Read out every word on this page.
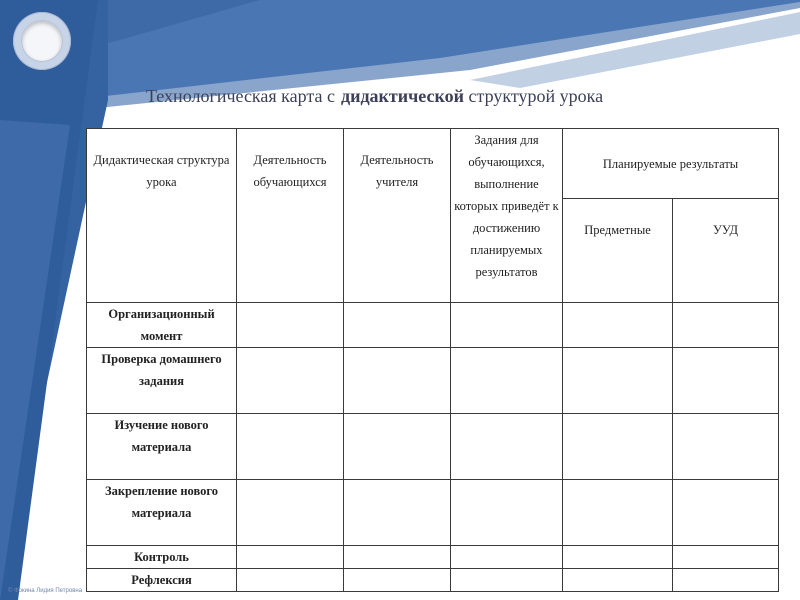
Технологическая карта с дидактической структурой урока
Дидактическая структура урока	Деятельность обучающихся	Деятельность учителя	Задания для обучающихся, выполнение которых приведёт к достижению планируемых результатов	Планируемые результаты	
				Предметные	УУД
Организационный момент					
Проверка домашнего задания					
Изучение нового материала					
Закрепление нового материала					
Контроль					
Рефлексия					
© Фокина Лидия Петровна
